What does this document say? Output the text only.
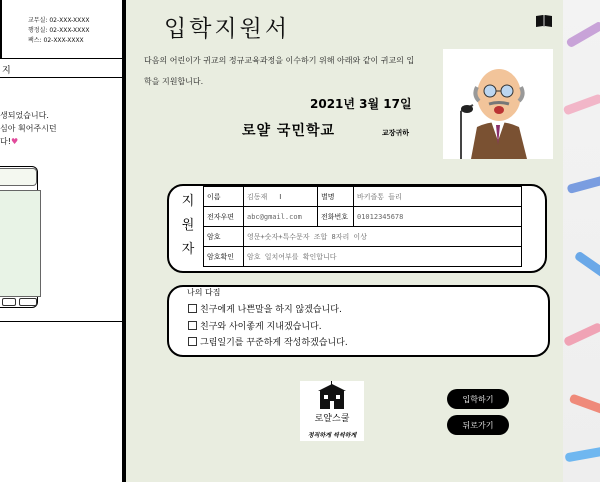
교무실: 02-XXX-XXXX
행정실: 02-XXX-XXXX
팩스: 02-XXX-XXXX
지
생되었습니다.
심아 획어주시던
다!♥
입학지원서
다음의 어린이가 귀교의 정규교육과정을 이수하기 위해 아래와 같이 귀교의 입
학을 지원합니다.
2021년 3월 17일
로얄 국민학교	교장귀하
지
원
자
이름	김동재 I	별명	바키즐통 들리
전자우편	abc@gmail.com	전화번호	01012345678
암호	영문+숫자+특수문자 조합 8자리 이상		
암호확인	암호 일치여부를 확인합니다		
나의 다짐
친구에게 나쁜말을 하지 않겠습니다.
친구와 사이좋게 지내겠습니다.
그림일기를 꾸준하게 작성하겠습니다.
로얄스쿨
정직하게 씩씩하게
입학하기
뒤로가기
